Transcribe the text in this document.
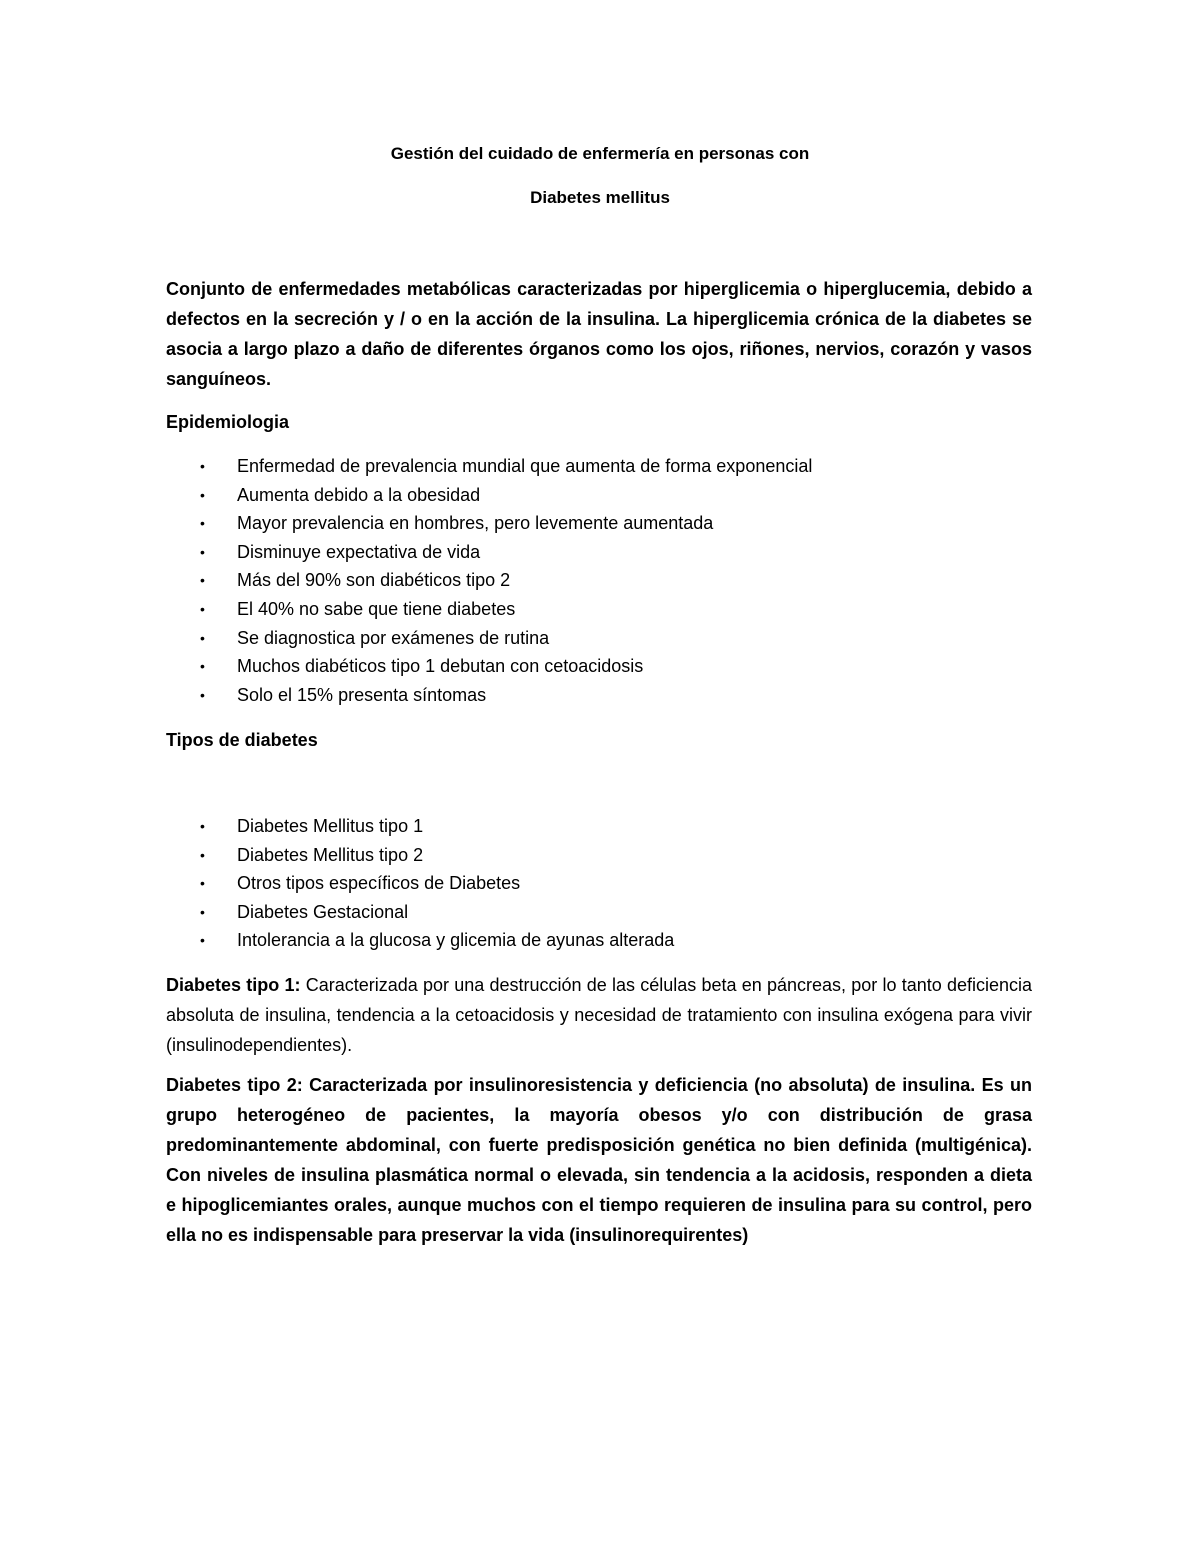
Gestión del cuidado de enfermería en personas con

Diabetes mellitus

Conjunto de enfermedades metabólicas caracterizadas por hiperglicemia o hiperglucemia, debido a defectos en la secreción y / o en la acción de la insulina. La hiperglicemia crónica de la diabetes se asocia a largo plazo a daño de diferentes órganos como los ojos, riñones, nervios, corazón y vasos sanguíneos.

Epidemiologia

• Enfermedad de prevalencia mundial que aumenta de forma exponencial
• Aumenta debido a la obesidad
• Mayor prevalencia en hombres, pero levemente aumentada
• Disminuye expectativa de vida
• Más del 90% son diabéticos tipo 2
• El 40% no sabe que tiene diabetes
• Se diagnostica por exámenes de rutina
• Muchos diabéticos tipo 1 debutan con cetoacidosis
• Solo el 15% presenta síntomas

Tipos de diabetes

• Diabetes Mellitus tipo 1
• Diabetes Mellitus tipo 2
• Otros tipos específicos de Diabetes
• Diabetes Gestacional
• Intolerancia a la glucosa y glicemia de ayunas alterada

Diabetes tipo 1: Caracterizada por una destrucción de las células beta en páncreas, por lo tanto deficiencia absoluta de insulina, tendencia a la cetoacidosis y necesidad de tratamiento con insulina exógena para vivir (insulinodependientes).

Diabetes tipo 2: Caracterizada por insulinoresistencia y deficiencia (no absoluta) de insulina. Es un grupo heterogéneo de pacientes, la mayoría obesos y/o con distribución de grasa predominantemente abdominal, con fuerte predisposición genética no bien definida (multigénica). Con niveles de insulina plasmática normal o elevada, sin tendencia a la acidosis, responden a dieta e hipoglicemiantes orales, aunque muchos con el tiempo requieren de insulina para su control, pero ella no es indispensable para preservar la vida (insulinorequirentes)
